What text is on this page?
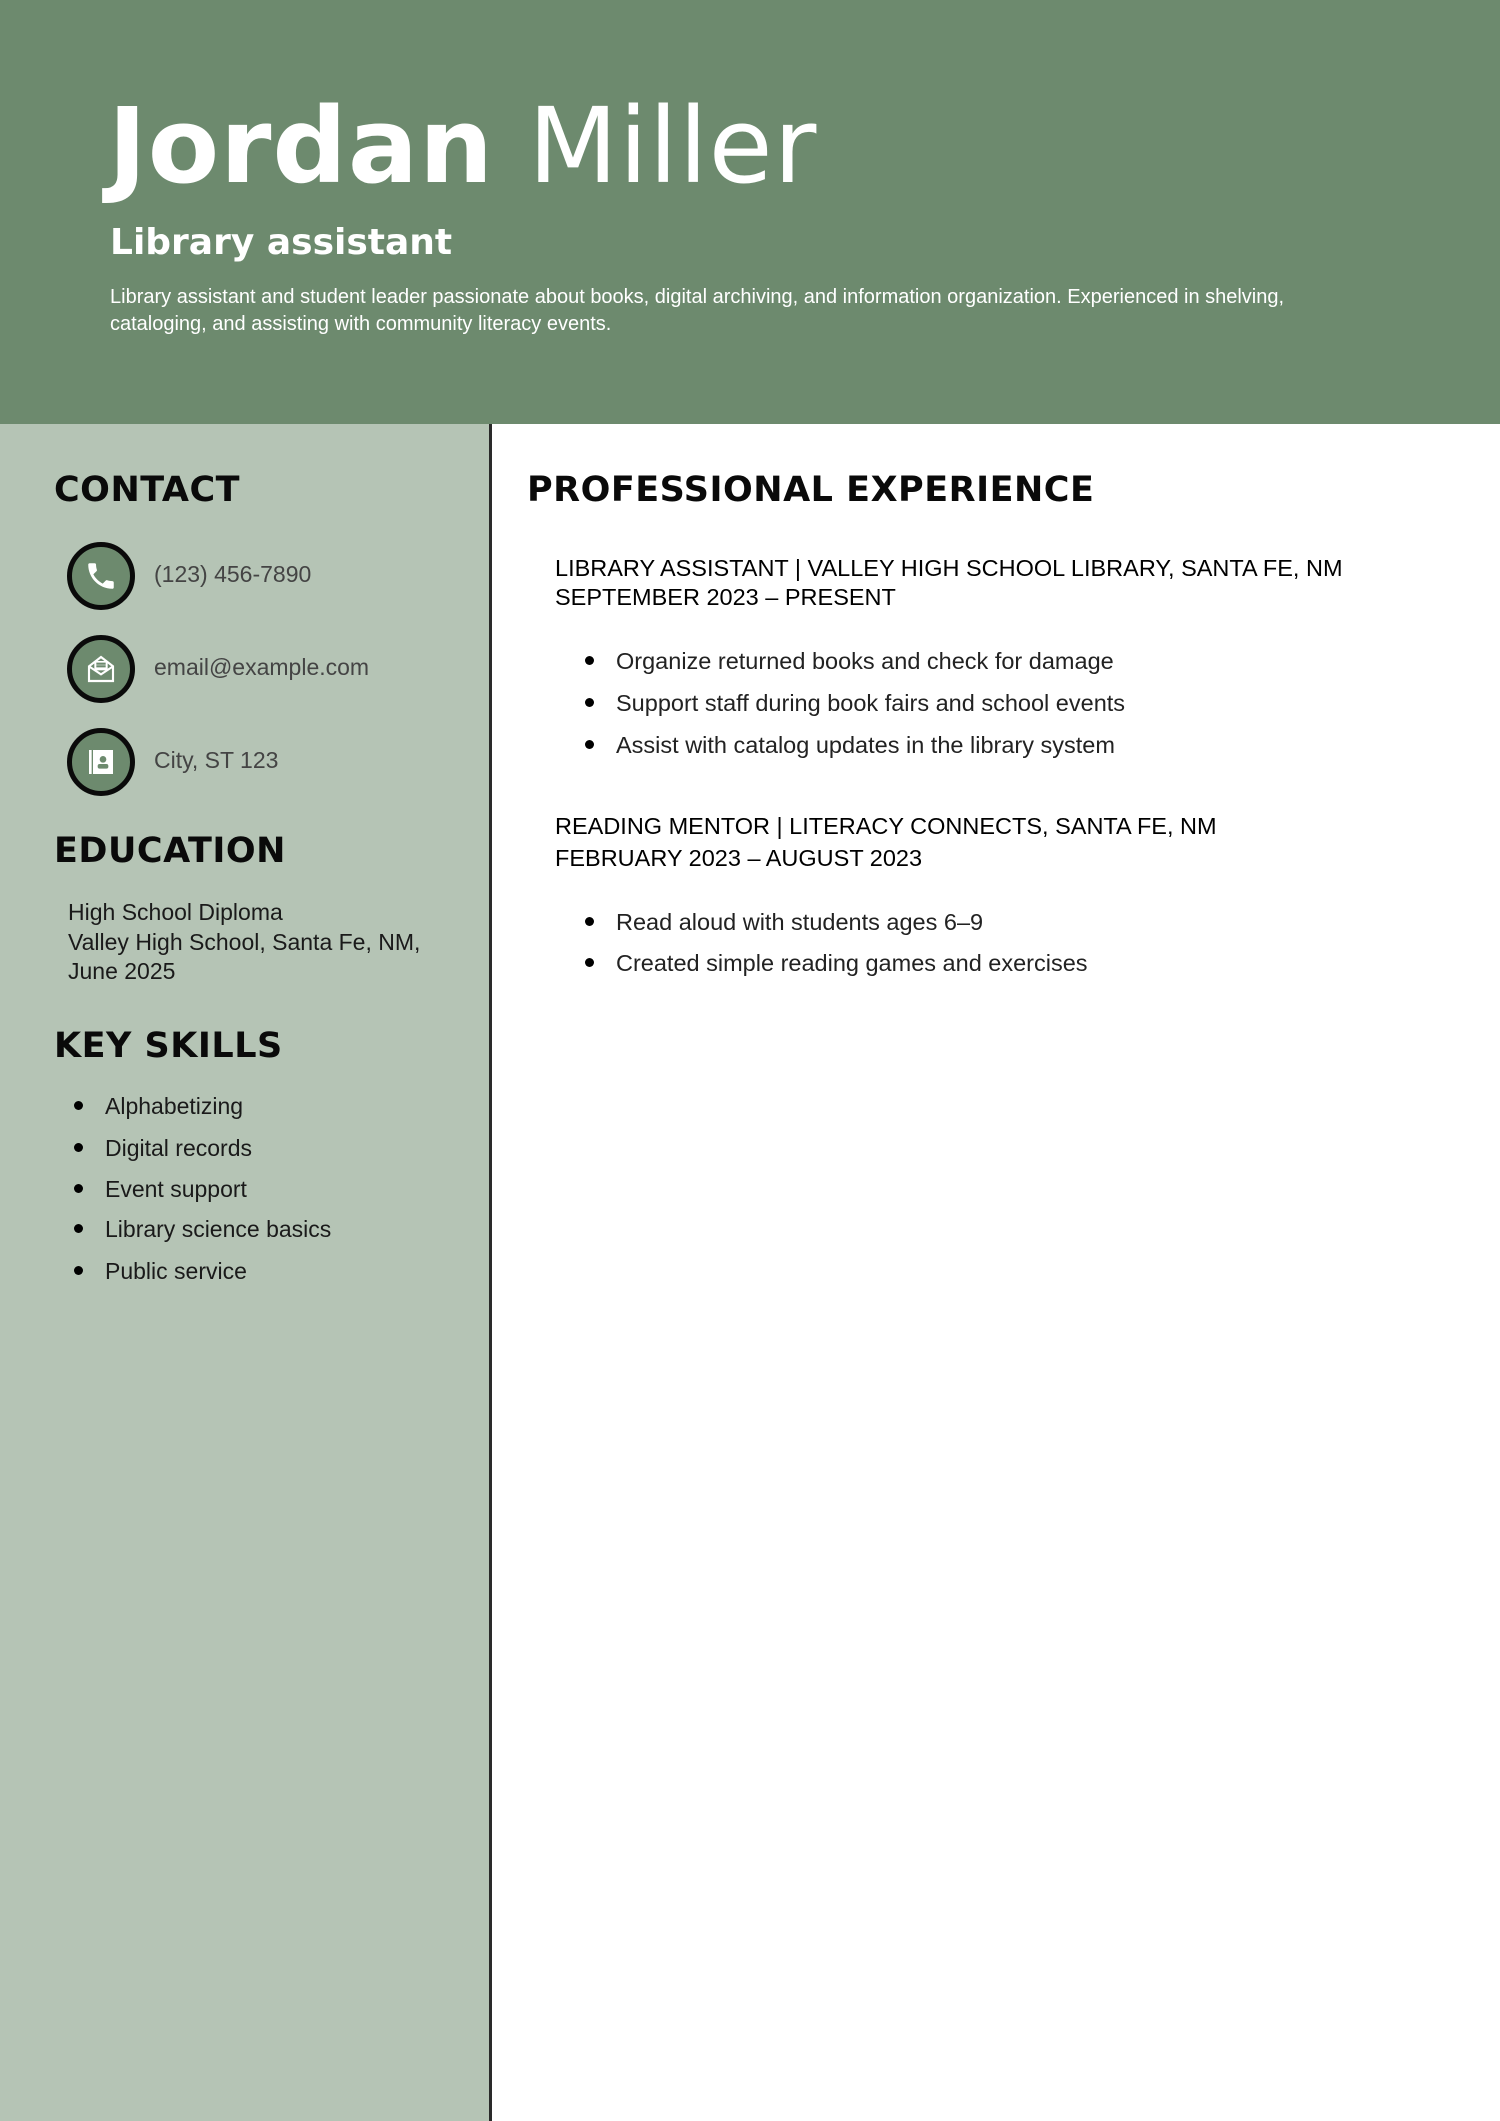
Jordan Miller
Library assistant
Library assistant and student leader passionate about books, digital archiving, and information organization. Experienced in shelving, cataloging, and assisting with community literacy events.
CONTACT
(123) 456-7890
email@example.com
City, ST 123
EDUCATION
High School Diploma
Valley High School, Santa Fe, NM,
June 2025
KEY SKILLS
Alphabetizing
Digital records
Event support
Library science basics
Public service
PROFESSIONAL EXPERIENCE
LIBRARY ASSISTANT | VALLEY HIGH SCHOOL LIBRARY, SANTA FE, NM
SEPTEMBER 2023 – PRESENT
Organize returned books and check for damage
Support staff during book fairs and school events
Assist with catalog updates in the library system
READING MENTOR | LITERACY CONNECTS, SANTA FE, NM
FEBRUARY 2023 – AUGUST 2023
Read aloud with students ages 6–9
Created simple reading games and exercises
